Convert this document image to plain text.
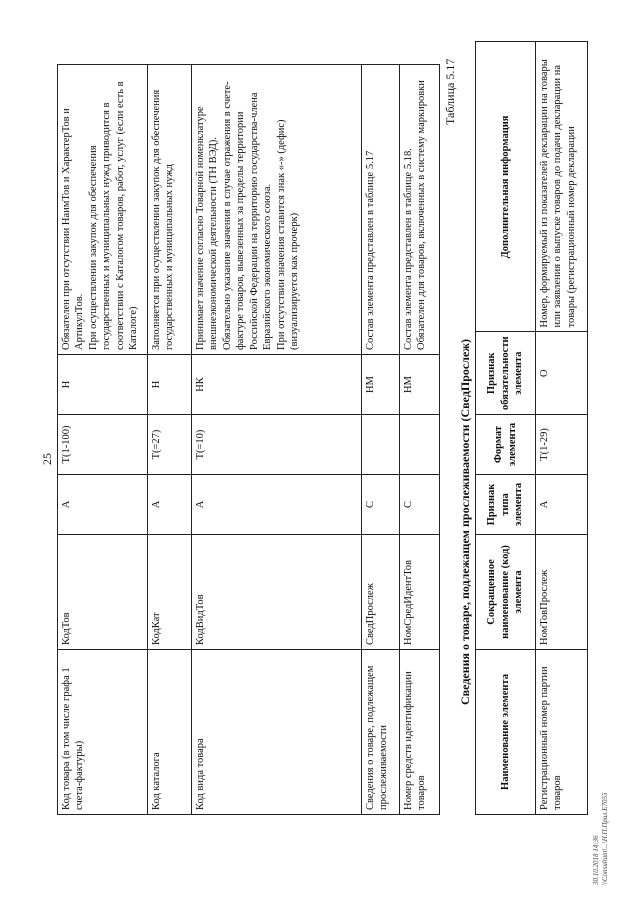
25
Код товара (в том числе графа 1 счета-фактуры)	КодТов	А	Т(1-100)	Н	Обязателен при отсутствии НаимТов и ХарактерТов и АртикулТов. При осуществлении закупок для обеспечения государственных и муниципальных нужд приводится в соответствии с Каталогом товаров, работ, услуг (если есть в Каталоге)

Код каталога	КодКат	А	Т(=27)	Н	Заполняется при осуществлении закупок для обеспечения государственных и муниципальных нужд

Код вида товара	КодВидТов	А	Т(=10)	НК	Принимает значение согласно Товарной номенклатуре внешнеэкономической деятельности (ТН ВЭД). Обязательно указание значения в случае отражения в счете-фактуре товаров, вывезенных за пределы территории Российской Федерации на территорию государства-члена Евразийского экономического союза. При отсутствии значения ставится знак «-» (дефис) (визуализируется как прочерк)

Сведения о товаре, подлежащем прослеживаемости	СведПрослеж	С		НМ	Состав элемента представлен в таблице 5.17

Номер средств идентификации товаров	НомСредИдентТов	С		НМ	Состав элемента представлен в таблице 5.18. Обязателен для товаров, включенных в систему маркировки Таблица 5.17
Сведения о товаре, подлежащем прослеживаемости (СведПрослеж)
Наименование элемента	Сокращенное наименование (код) элемента	Признак типа элемента	Формат элемента	Признак обязательности элемента	Дополнительная информация
Регистрационный номер партии товаров	НомТовПрослеж	А	Т(1-29)	О	Номер, формируемый из показателей декларации на товары или заявления о выпуске товаров до подачи декларации на товары (регистрационный номер декларации
30.10.2018 14:36 \\Consultant\...\Н.П.Прил.Е7055
